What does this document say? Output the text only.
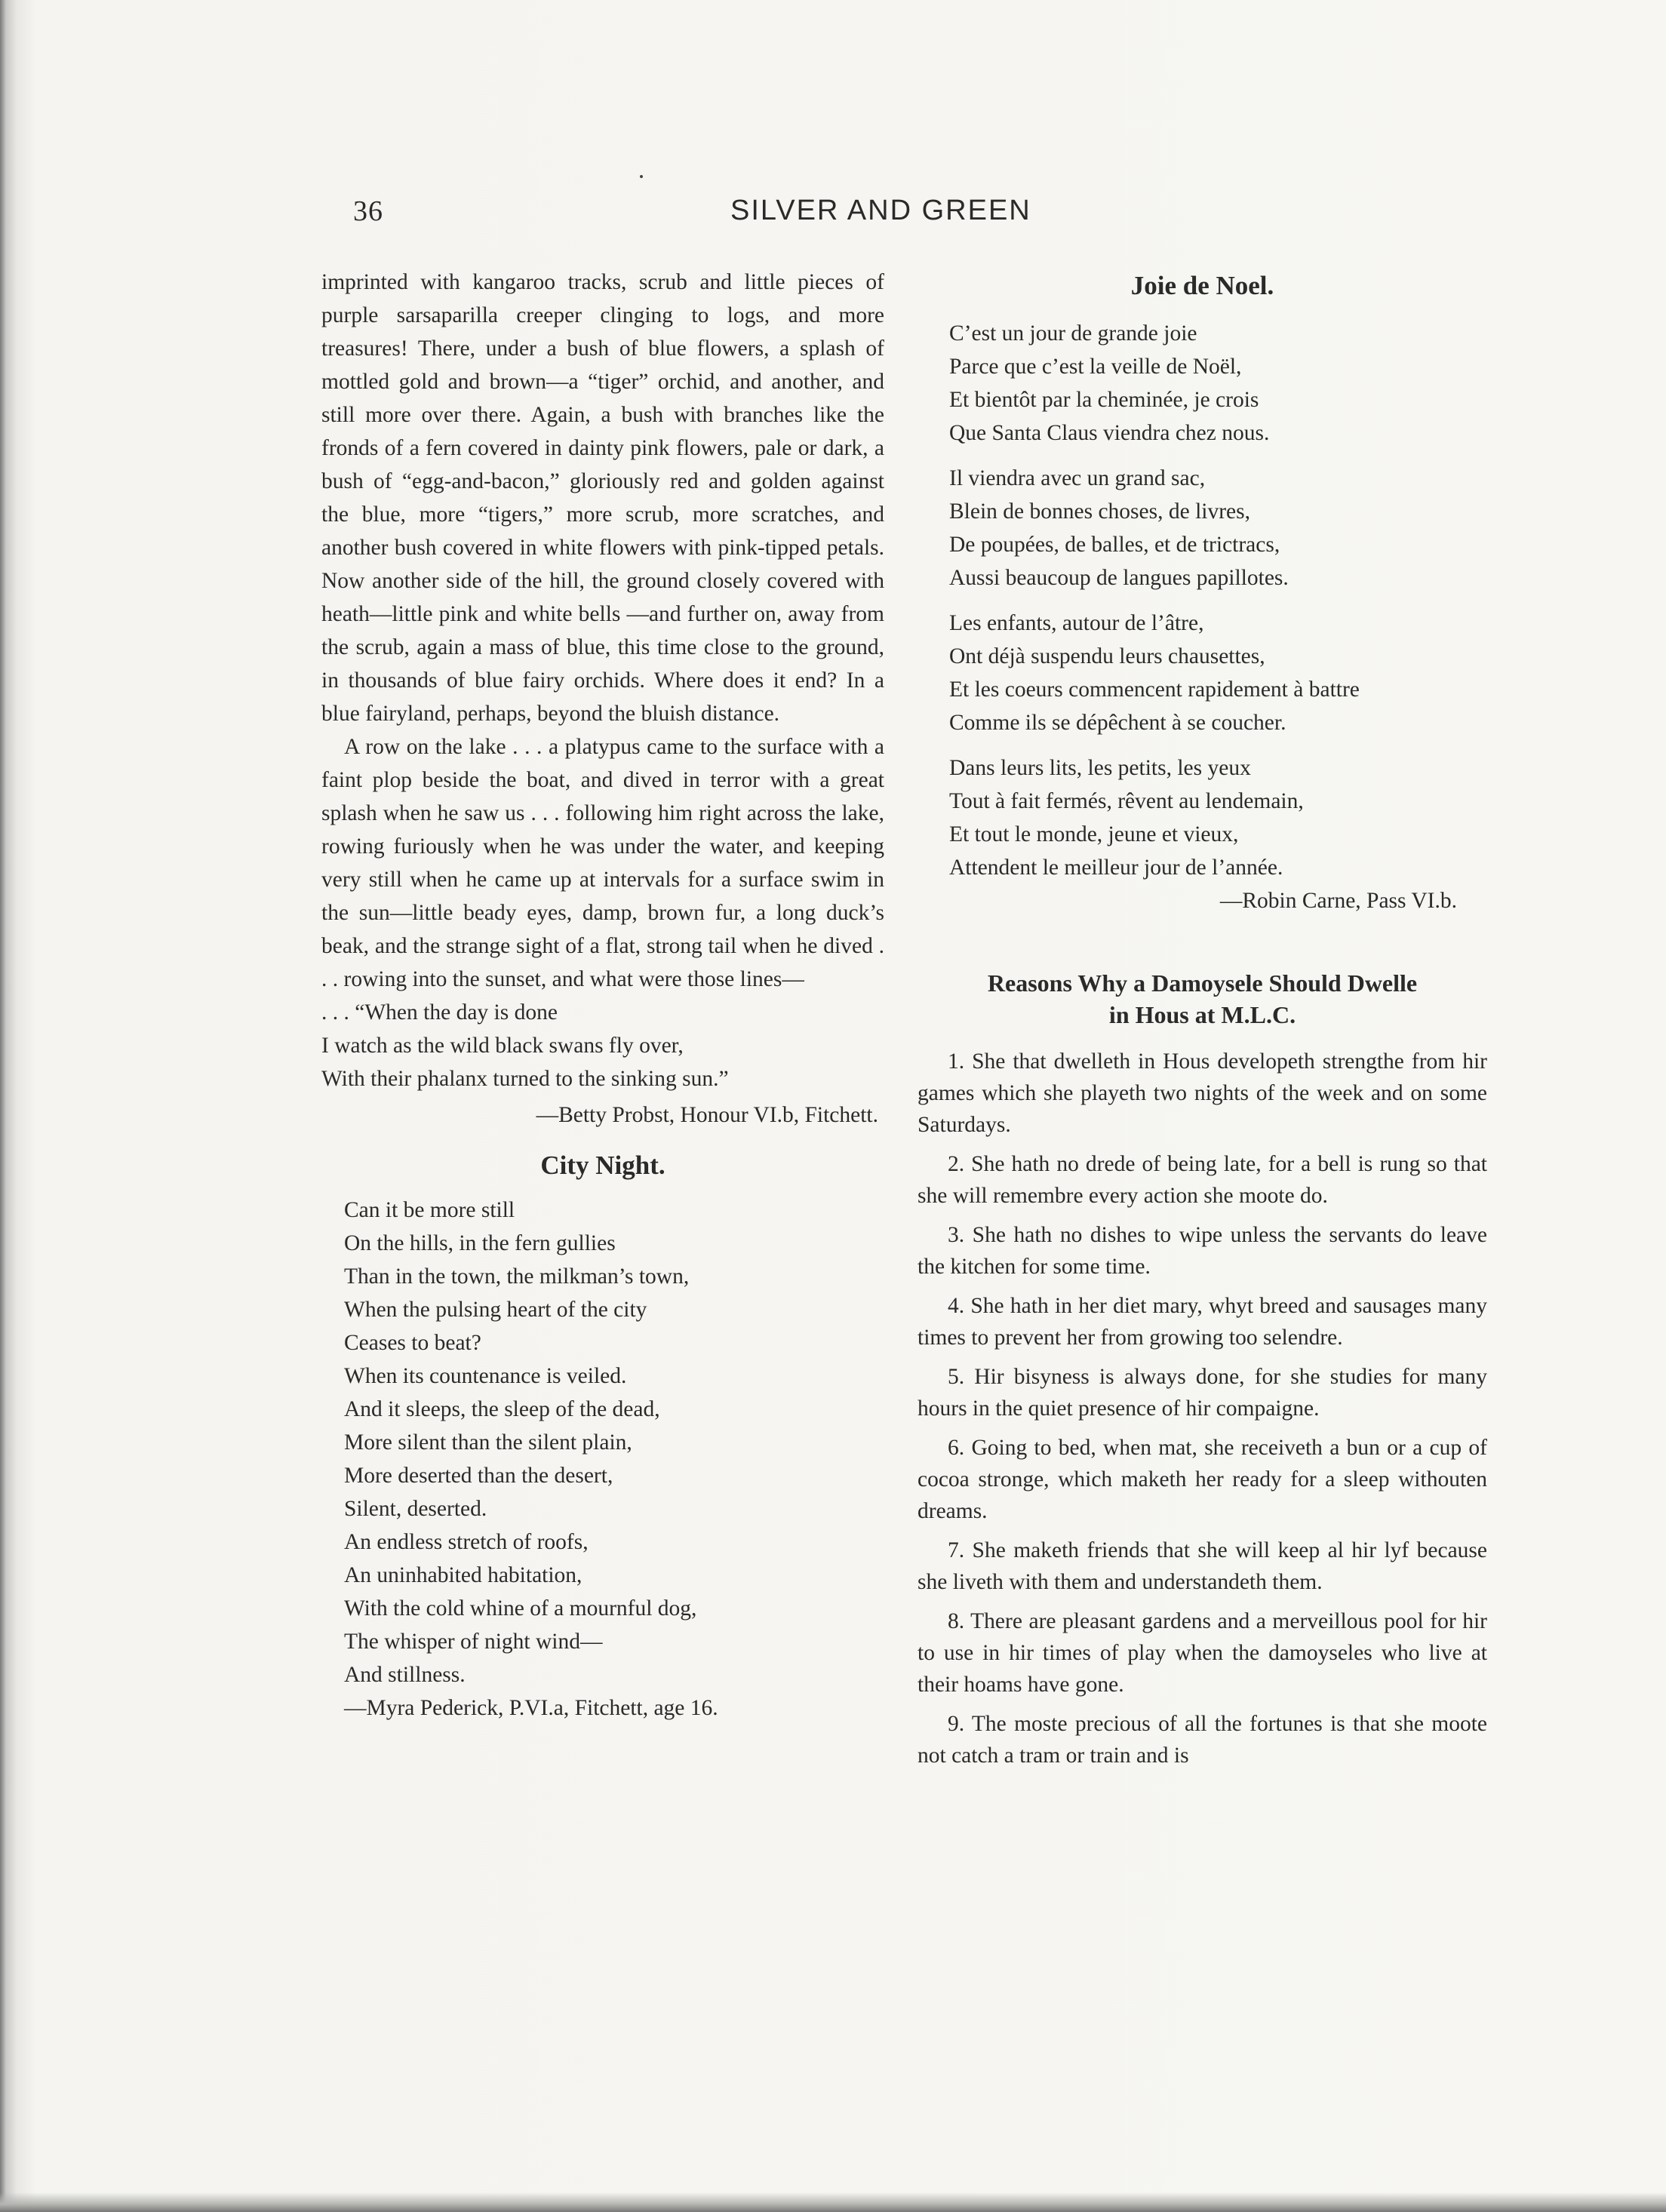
36	SILVER AND GREEN

imprinted with kangaroo tracks, scrub and little pieces of purple sarsaparilla creeper clinging to logs, and more treasures! There, under a bush of blue flowers, a splash of mottled gold and brown—a “tiger” orchid, and another, and still more over there. Again, a bush with branches like the fronds of a fern covered in dainty pink flowers, pale or dark, a bush of “egg-and-bacon,” gloriously red and golden against the blue, more “tigers,” more scrub, more scratches, and another bush covered in white flowers with pink-tipped petals. Now another side of the hill, the ground closely covered with heath—little pink and white bells —and further on, away from the scrub, again a mass of blue, this time close to the ground, in thousands of blue fairy orchids. Where does it end? In a blue fairyland, perhaps, beyond the bluish distance.

A row on the lake . . . a platypus came to the surface with a faint plop beside the boat, and dived in terror with a great splash when he saw us . . . following him right across the lake, rowing furiously when he was under the water, and keeping very still when he came up at intervals for a surface swim in the sun—little beady eyes, damp, brown fur, a long duck’s beak, and the strange sight of a flat, strong tail when he dived . . . rowing into the sunset, and what were those lines—

. . . “When the day is done
I watch as the wild black swans fly over,
With their phalanx turned to the sinking sun.”
—Betty Probst, Honour VI.b, Fitchett.
City Night.
Can it be more still
On the hills, in the fern gullies
Than in the town, the milkman’s town,
When the pulsing heart of the city
Ceases to beat?
When its countenance is veiled.
And it sleeps, the sleep of the dead,
More silent than the silent plain,
More deserted than the desert,
Silent, deserted.
An endless stretch of roofs,
An uninhabited habitation,
With the cold whine of a mournful dog,
The whisper of night wind—
And stillness.
—Myra Pederick, P.VI.a, Fitchett, age 16.
Joie de Noel.
C’est un jour de grande joie
Parce que c’est la veille de Noël,
Et bientôt par la cheminée, je crois
Que Santa Claus viendra chez nous.
Il viendra avec un grand sac,
Blein de bonnes choses, de livres,
De poupées, de balles, et de trictracs,
Aussi beaucoup de langues papillotes.
Les enfants, autour de l’âtre,
Ont déjà suspendu leurs chausettes,
Et les coeurs commencent rapidement à battre
Comme ils se dépêchent à se coucher.
Dans leurs lits, les petits, les yeux
Tout à fait fermés, rêvent au lendemain,
Et tout le monde, jeune et vieux,
Attendent le meilleur jour de l’année.
—Robin Carne, Pass VI.b.
Reasons Why a Damoysele Should Dwelle
in Hous at M.L.C.

1. She that dwelleth in Hous developeth strengthe from hir games which she playeth two nights of the week and on some Saturdays.

2. She hath no drede of being late, for a bell is rung so that she will remembre every action she moote do.

3. She hath no dishes to wipe unless the servants do leave the kitchen for some time.

4. She hath in her diet mary, whyt breed and sausages many times to prevent her from growing too selendre.

5. Hir bisyness is always done, for she studies for many hours in the quiet presence of hir compaigne.

6. Going to bed, when mat, she receiveth a bun or a cup of cocoa stronge, which maketh her ready for a sleep withouten dreams.

7. She maketh friends that she will keep al hir lyf because she liveth with them and understandeth them.

8. There are pleasant gardens and a merveillous pool for hir to use in hir times of play when the damoyseles who live at their hoams have gone.

9. The moste precious of all the fortunes is that she moote not catch a tram or train and is
